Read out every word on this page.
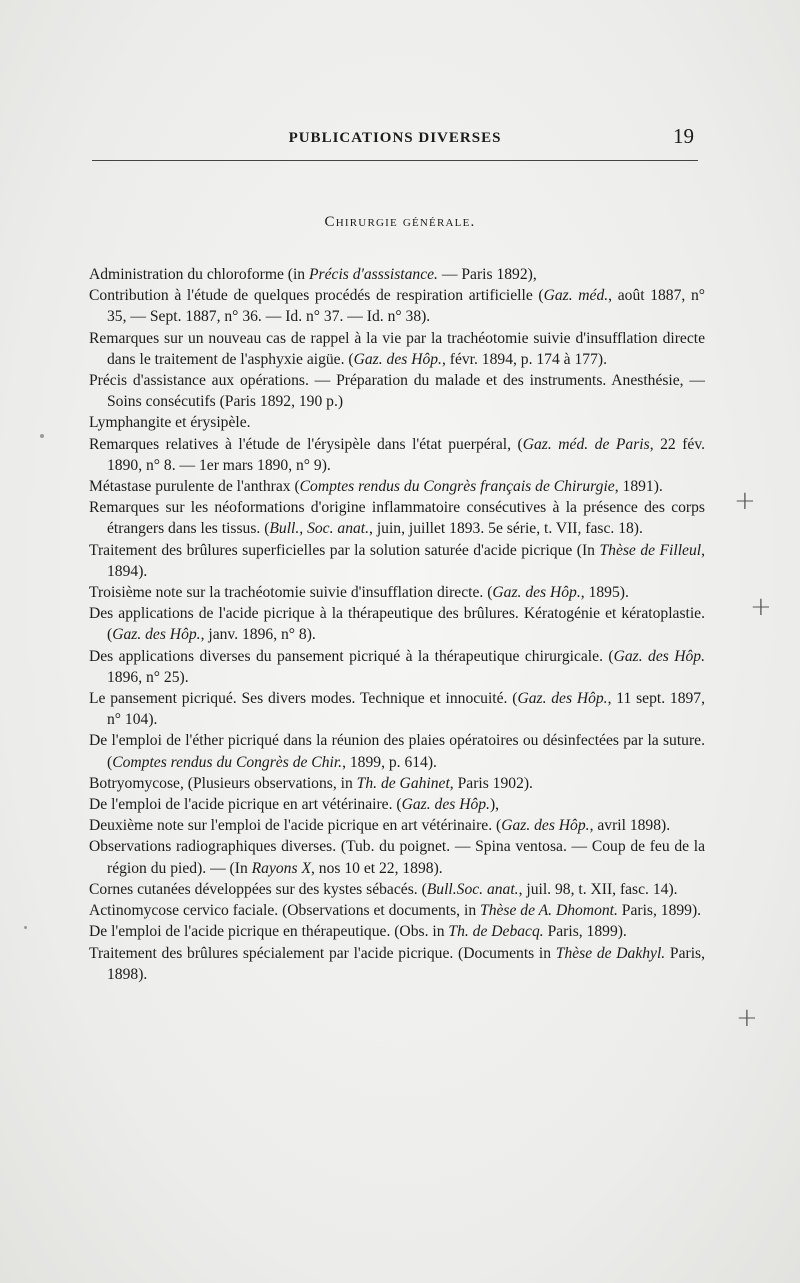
PUBLICATIONS DIVERSES	19
Chirurgie générale.

Administration du chloroforme (in Précis d'asssistance. — Paris 1892),

Contribution à l'étude de quelques procédés de respiration artificielle (Gaz. méd., août 1887, n° 35, — Sept. 1887, n° 36. — Id. n° 37. — Id. n° 38).

Remarques sur un nouveau cas de rappel à la vie par la trachéotomie suivie d'insufflation directe dans le traitement de l'asphyxie aigüe. (Gaz. des Hôp., févr. 1894, p. 174 à 177).

Précis d'assistance aux opérations. — Préparation du malade et des instruments. Anesthésie, — Soins consécutifs (Paris 1892, 190 p.)

Lymphangite et érysipèle.

Remarques relatives à l'étude de l'érysipèle dans l'état puerpéral, (Gaz. méd. de Paris, 22 fév. 1890, n° 8. — 1er mars 1890, n° 9).

Métastase purulente de l'anthrax (Comptes rendus du Congrès français de Chirurgie, 1891).

Remarques sur les néoformations d'origine inflammatoire consécutives à la présence des corps étrangers dans les tissus. (Bull., Soc. anat., juin, juillet 1893. 5e série, t. VII, fasc. 18).

Traitement des brûlures superficielles par la solution saturée d'acide picrique (In Thèse de Filleul, 1894).

Troisième note sur la trachéotomie suivie d'insufflation directe. (Gaz. des Hôp., 1895).

Des applications de l'acide picrique à la thérapeutique des brûlures. Kératogénie et kératoplastie. (Gaz. des Hôp., janv. 1896, n° 8).

Des applications diverses du pansement picriqué à la thérapeutique chirurgicale. (Gaz. des Hôp. 1896, n° 25).

Le pansement picriqué. Ses divers modes. Technique et innocuité. (Gaz. des Hôp., 11 sept. 1897, n° 104).

De l'emploi de l'éther picriqué dans la réunion des plaies opératoires ou désinfectées par la suture. (Comptes rendus du Congrès de Chir., 1899, p. 614).

Botryomycose, (Plusieurs observations, in Th. de Gahinet, Paris 1902).

De l'emploi de l'acide picrique en art vétérinaire. (Gaz. des Hôp.),

Deuxième note sur l'emploi de l'acide picrique en art vétérinaire. (Gaz. des Hôp., avril 1898).

Observations radiographiques diverses. (Tub. du poignet. — Spina ventosa. — Coup de feu de la région du pied). — (In Rayons X, nos 10 et 22, 1898).

Cornes cutanées développées sur des kystes sébacés. (Bull.Soc. anat., juil. 98, t. XII, fasc. 14).

Actinomycose cervico faciale. (Observations et documents, in Thèse de A. Dhomont. Paris, 1899).

De l'emploi de l'acide picrique en thérapeutique. (Obs. in Th. de Debacq. Paris, 1899).

Traitement des brûlures spécialement par l'acide picrique. (Documents in Thèse de Dakhyl. Paris, 1898).

+
+
+
